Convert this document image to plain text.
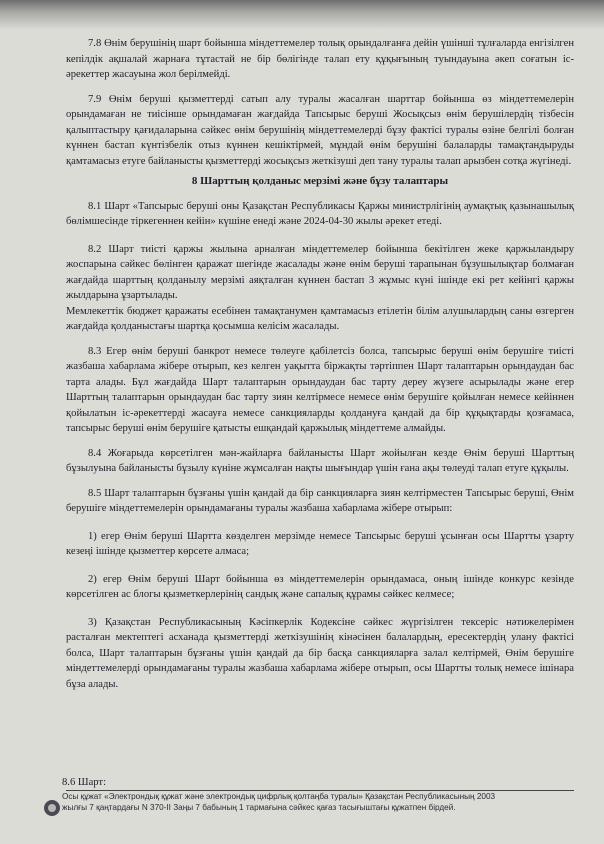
7.8 Өнім берушінің шарт бойынша міндеттемелер толық орындалғанға дейін үшінші тұлғаларда енгізілген кепілдік ақшалай жарнаға тұтастай не бір бөлігінде талап ету құқығының туындауына әкеп соғатын іс-әрекеттер жасауына жол берілмейді.

7.9 Өнім беруші қызметтерді сатып алу туралы жасалған шарттар бойынша өз міндеттемелерін орындамаған не тиісінше орындамаған жағдайда Тапсырыс беруші Жосықсыз өнім берушілердің тізбесін қалыптастыру қағидаларына сәйкес өнім берушінің міндеттемелерді бұзу фактісі туралы өзіне белгілі болған күннен бастап күнтізбелік отыз күннен кешіктірмей, мұндай өнім берушіні балаларды тамақтандыруды қамтамасыз етуге байланысты қызметтерді жосықсыз жеткізуші деп тану туралы талап арызбен сотқа жүгінеді.

8 Шарттың қолданыс мерзімі және бұзу талаптары

8.1 Шарт «Тапсырыс беруші оны Қазақстан Республикасы Қаржы министрлігінің аумақтық қазынашылық бөлімшесінде тіркегеннен кейін» күшіне енеді және 2024-04-30 жылы әрекет етеді.

8.2 Шарт тиісті қаржы жылына арналған міндеттемелер бойынша бекітілген жеке қаржыландыру жоспарына сәйкес бөлінген қаражат шегінде жасалады және өнім беруші тарапынан бұзушылықтар болмаған жағдайда шарттың қолданылу мерзімі аяқталған күннен бастап 3 жұмыс күні ішінде екі рет кейінгі қаржы жылдарына ұзартылады.

Мемлекеттік бюджет қаражаты есебінен тамақтанумен қамтамасыз етілетін білім алушылардың саны өзгерген жағдайда қолданыстағы шартқа қосымша келісім жасалады.

8.3 Егер өнім беруші банкрот немесе төлеуге қабілетсіз болса, тапсырыс беруші өнім берушіге тиісті жазбаша хабарлама жібере отырып, кез келген уақытта біржақты тәртіппен Шарт талаптарын орындаудан бас тарта алады. Бұл жағдайда Шарт талаптарын орындаудан бас тарту дереу жүзеге асырылады және егер Шарттың талаптарын орындаудан бас тарту зиян келтірмесе немесе өнім берушіге қойылған немесе кейіннен қойылатын іс-әрекеттерді жасауға немесе санкцияларды қолдануға қандай да бір құқықтарды қозғамаса, тапсырыс беруші өнім берушіге қатысты ешқандай қаржылық міндеттеме алмайды.

8.4 Жоғарыда көрсетілген мән-жайларға байланысты Шарт жойылған кезде Өнім беруші Шарттың бұзылуына байланысты бұзылу күніне жұмсалған нақты шығындар үшін ғана ақы төлеуді талап етуге құқылы.

8.5 Шарт талаптарын бұзғаны үшін қандай да бір санкцияларға зиян келтірместен Тапсырыс беруші, Өнім берушіге міндеттемелерін орындамағаны туралы жазбаша хабарлама жібере отырып:

1) егер Өнім беруші Шартта көзделген мерзімде немесе Тапсырыс беруші ұсынған осы Шартты ұзарту кезеңі ішінде қызметтер көрсете алмаса;

2) егер Өнім беруші Шарт бойынша өз міндеттемелерін орындамаса, оның ішінде конкурс кезінде көрсетілген ас блогы қызметкерлерінің сандық және сапалық құрамы сәйкес келмесе;

3) Қазақстан Республикасының Кәсіпкерлік Кодексіне сәйкес жүргізілген тексеріс нәтижелерімен расталған мектептегі асханада қызметтерді жеткізушінің кінәсінен балалардың, ересектердің улану фактісі болса, Шарт талаптарын бұзғаны үшін қандай да бір басқа санкцияларға залал келтірмей, Өнім берушіге міндеттемелерді орындамағаны туралы жазбаша хабарлама жібере отырып, осы Шартты толық немесе ішінара бұза алады.

8.6 Шарт:
Осы құжат «Электрондық құжат және электрондық цифрлық қолтаңба туралы» Қазақстан Республикасының 2003 жылғы 7 қаңтардағы N 370-II Заңы 7 бабының 1 тармағына сәйкес қағаз тасығыштағы құжатпен бірдей.
